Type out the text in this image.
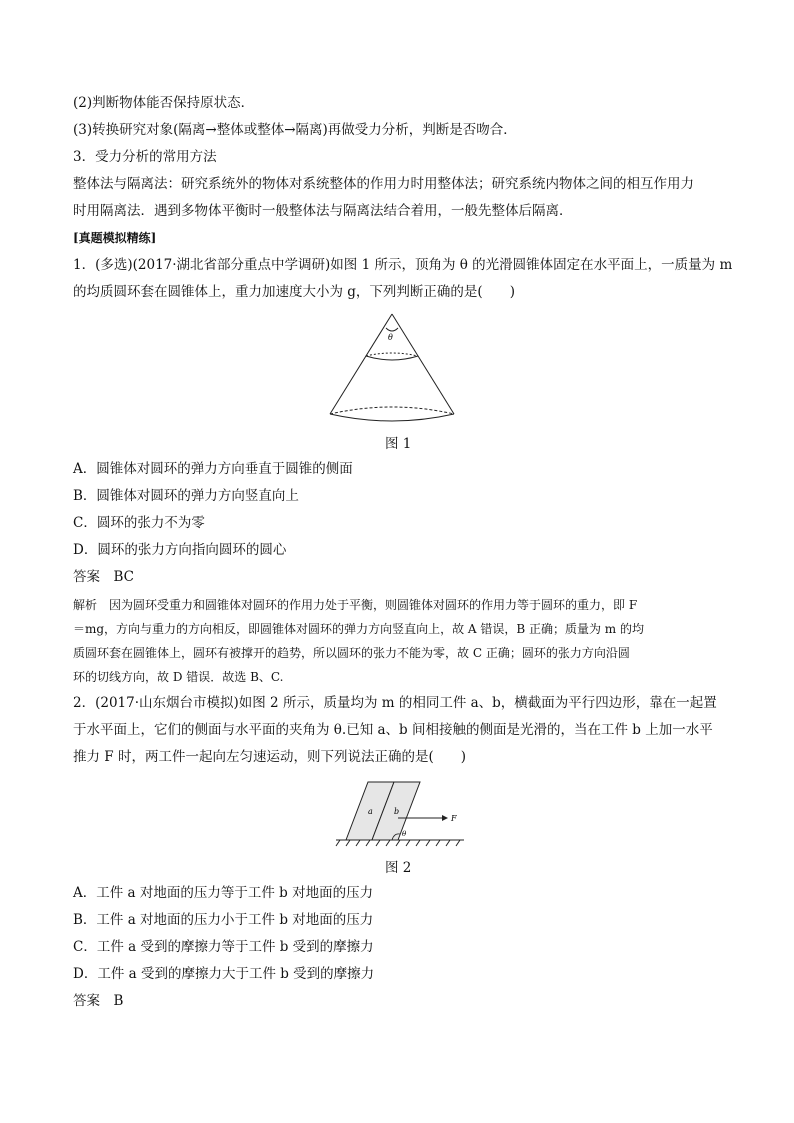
(2)判断物体能否保持原状态．
(3)转换研究对象(隔离→整体或整体→隔离)再做受力分析，判断是否吻合．
3．受力分析的常用方法
整体法与隔离法：研究系统外的物体对系统整体的作用力时用整体法；研究系统内物体之间的相互作用力
时用隔离法．遇到多物体平衡时一般整体法与隔离法结合着用，一般先整体后隔离．
[真题模拟精练]
1．(多选)(2017·湖北省部分重点中学调研)如图 1 所示，顶角为 θ 的光滑圆锥体固定在水平面上，一质量为 m
的均质圆环套在圆锥体上，重力加速度大小为 g，下列判断正确的是(　　)
θ
图 1
A．圆锥体对圆环的弹力方向垂直于圆锥的侧面
B．圆锥体对圆环的弹力方向竖直向上
C．圆环的张力不为零
D．圆环的张力方向指向圆环的圆心
答案　BC
解析　因为圆环受重力和圆锥体对圆环的作用力处于平衡，则圆锥体对圆环的作用力等于圆环的重力，即 F
＝mg，方向与重力的方向相反，即圆锥体对圆环的弹力方向竖直向上，故 A 错误，B 正确；质量为 m 的均
质圆环套在圆锥体上，圆环有被撑开的趋势，所以圆环的张力不能为零，故 C 正确；圆环的张力方向沿圆
环的切线方向，故 D 错误．故选 B、C.
2．(2017·山东烟台市模拟)如图 2 所示，质量均为 m 的相同工件 a、b，横截面为平行四边形，靠在一起置
于水平面上，它们的侧面与水平面的夹角为 θ.已知 a、b 间相接触的侧面是光滑的，当在工件 b 上加一水平
推力 F 时，两工件一起向左匀速运动，则下列说法正确的是(　　)
a	b
F
θ
图 2
A．工件 a 对地面的压力等于工件 b 对地面的压力
B．工件 a 对地面的压力小于工件 b 对地面的压力
C．工件 a 受到的摩擦力等于工件 b 受到的摩擦力
D．工件 a 受到的摩擦力大于工件 b 受到的摩擦力
答案　B
